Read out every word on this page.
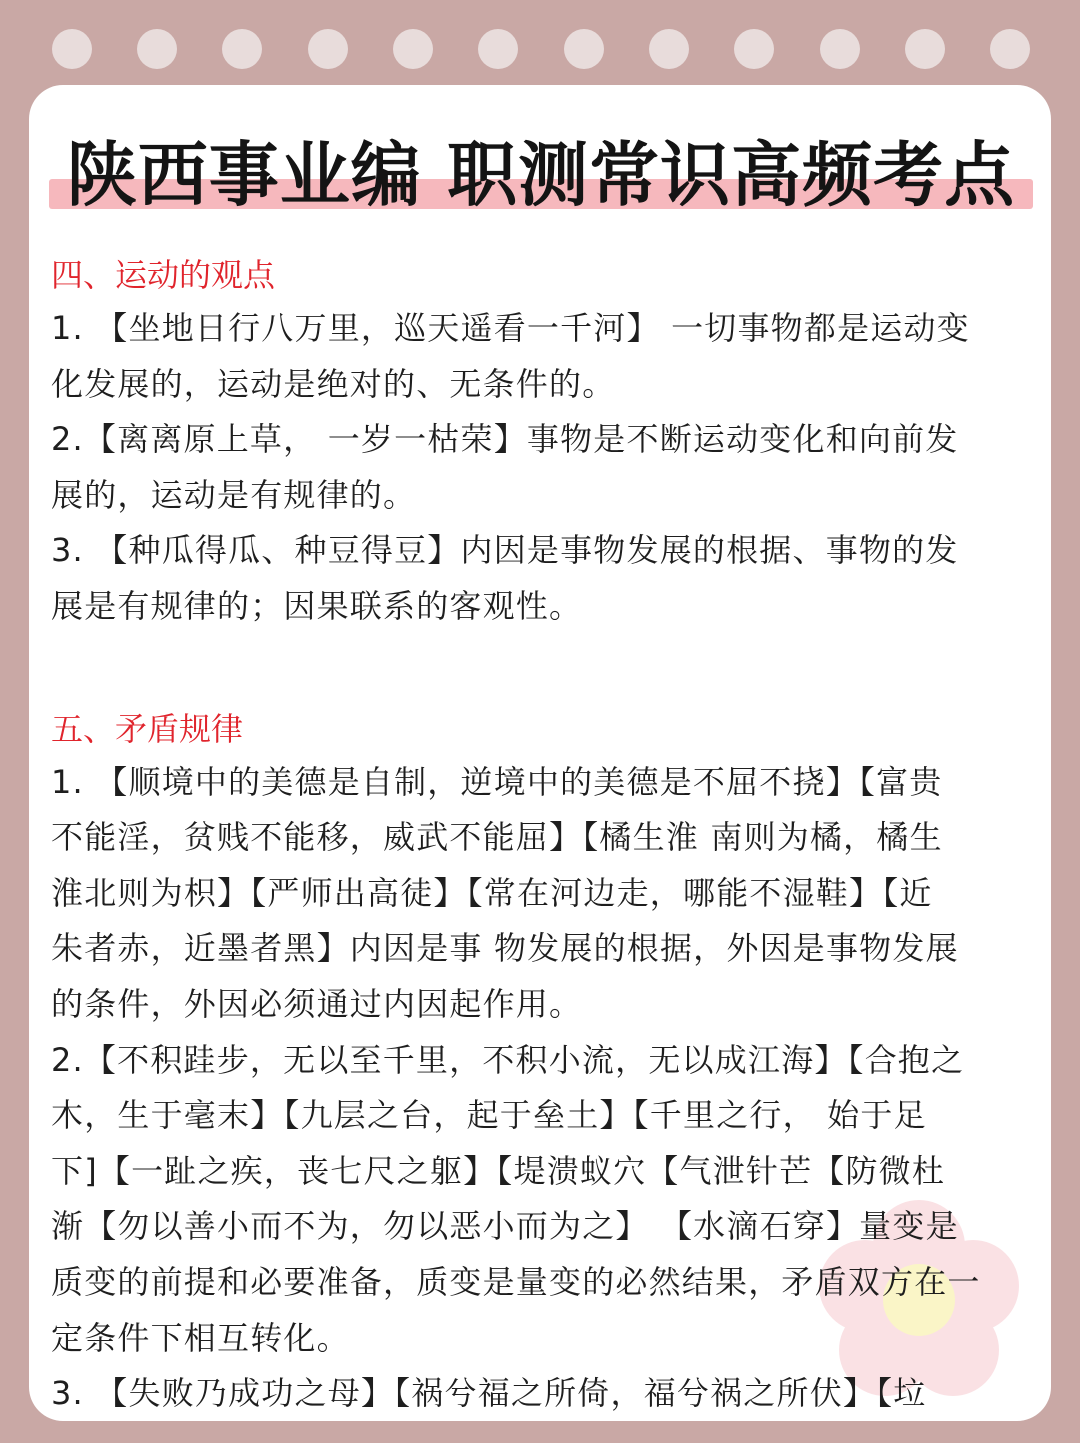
陕西事业编 职测常识高频考点
四、运动的观点
1. 【坐地日行八万里，巡天遥看一千河】 一切事物都是运动变
化发展的，运动是绝对的、无条件的。
2.【离离原上草， 一岁一枯荣】事物是不断运动变化和向前发
展的，运动是有规律的。
3. 【种瓜得瓜、种豆得豆】内因是事物发展的根据、事物的发
展是有规律的；因果联系的客观性。
五、矛盾规律
1. 【顺境中的美德是自制，逆境中的美德是不屈不挠】【富贵
不能淫，贫贱不能移，威武不能屈】【橘生淮 南则为橘，橘生
淮北则为枳】【严师出高徒】【常在河边走，哪能不湿鞋】【近
朱者赤，近墨者黑】内因是事 物发展的根据，外因是事物发展
的条件，外因必须通过内因起作用。
2.【不积跬步，无以至千里，不积小流，无以成江海】【合抱之
木，生于毫末】【九层之台，起于垒土】【千里之行， 始于足
下]【一趾之疾，丧七尺之躯】【堤溃蚁穴【气泄针芒【防微杜
渐【勿以善小而不为，勿以恶小而为之】 【水滴石穿】量变是
质变的前提和必要准备，质变是量变的必然结果，矛盾双方在一
定条件下相互转化。
3. 【失败乃成功之母】【祸兮福之所倚，福兮祸之所伏】【垃
